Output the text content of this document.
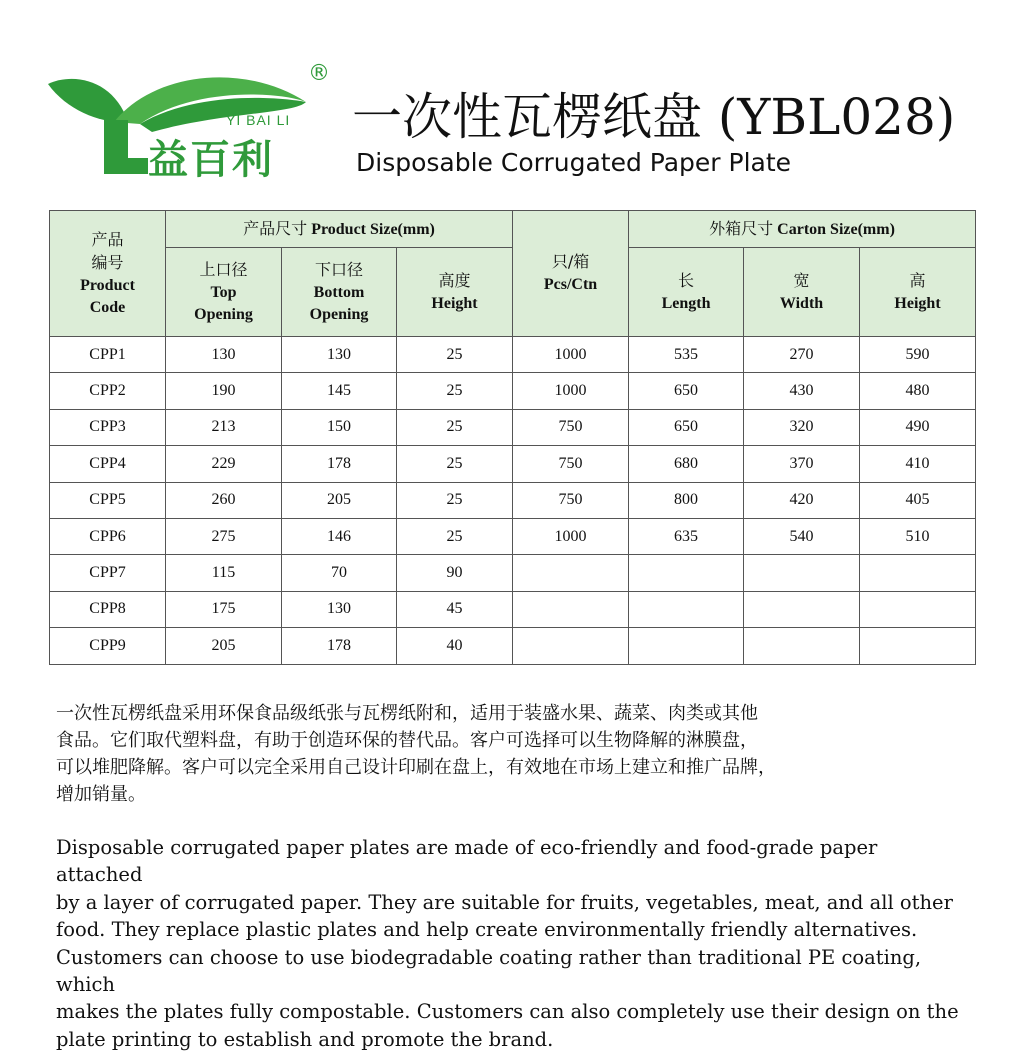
®
YI BAI LI
益百利
一次性瓦楞纸盘 (YBL028)
Disposable Corrugated Paper Plate
产品
编号
Product
Code	产品尺寸 Product Size(mm)			只/箱
Pcs/Ctn	外箱尺寸 Carton Size(mm)		
	上口径
Top
Opening	下口径
Bottom
Opening	高度
Height		长
Length	宽
Width	高
Height
CPP1	130	130	25	1000	535	270	590
CPP2	190	145	25	1000	650	430	480
CPP3	213	150	25	750	650	320	490
CPP4	229	178	25	750	680	370	410
CPP5	260	205	25	750	800	420	405
CPP6	275	146	25	1000	635	540	510
CPP7	115	70	90				
CPP8	175	130	45				
CPP9	205	178	40				
一次性瓦楞纸盘采用环保食品级纸张与瓦楞纸附和，适用于装盛水果、蔬菜、肉类或其他
食品。它们取代塑料盘，有助于创造环保的替代品。客户可选择可以生物降解的淋膜盘，
可以堆肥降解。客户可以完全采用自己设计印刷在盘上，有效地在市场上建立和推广品牌，
增加销量。
Disposable corrugated paper plates are made of eco-friendly and food-grade paper attached
by a layer of corrugated paper. They are suitable for fruits, vegetables, meat, and all other
food. They replace plastic plates and help create environmentally friendly alternatives.
Customers can choose to use biodegradable coating rather than traditional PE coating, which
makes the plates fully compostable. Customers can also completely use their design on the
plate printing to establish and promote the brand.
